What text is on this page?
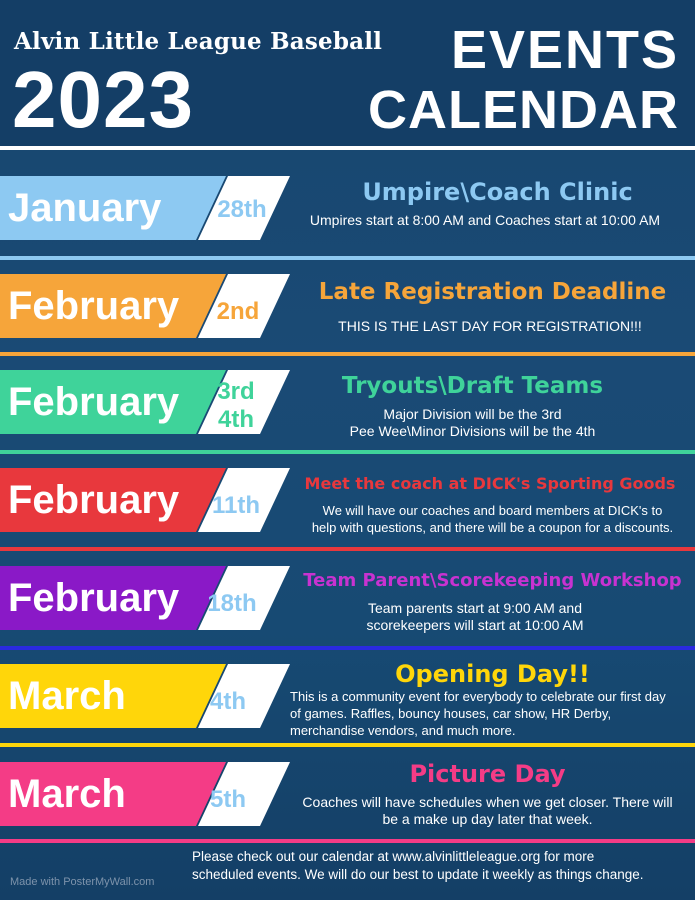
Alvin Little League Baseball
2023
EVENTS
CALENDAR
January	28th
Umpire\Coach Clinic
Umpires start at 8:00 AM and Coaches start at 10:00 AM
February	2nd
Late Registration Deadline
THIS IS THE LAST DAY FOR REGISTRATION!!!
February	3rd
4th
Tryouts\Draft Teams
Major Division will be the 3rd
Pee Wee\Minor Divisions will be the 4th
February	11th
Meet the coach at DICK's Sporting Goods
We will have our coaches and board members at DICK's to
help with questions, and there will be a coupon for a discounts.
February	18th
Team Parent\Scorekeeping Workshop
Team parents start at 9:00 AM and
scorekeepers will start at 10:00 AM
March	4th
Opening Day!!
This is a community event for everybody to celebrate our first day
of games. Raffles, bouncy houses, car show, HR Derby,
merchandise vendors, and much more.
March	5th
Picture Day
Coaches will have schedules when we get closer. There will
be a make up day later that week.
Please check out our calendar at www.alvinlittleleague.org for more
scheduled events. We will do our best to update it weekly as things change.
Made with PosterMyWall.com
